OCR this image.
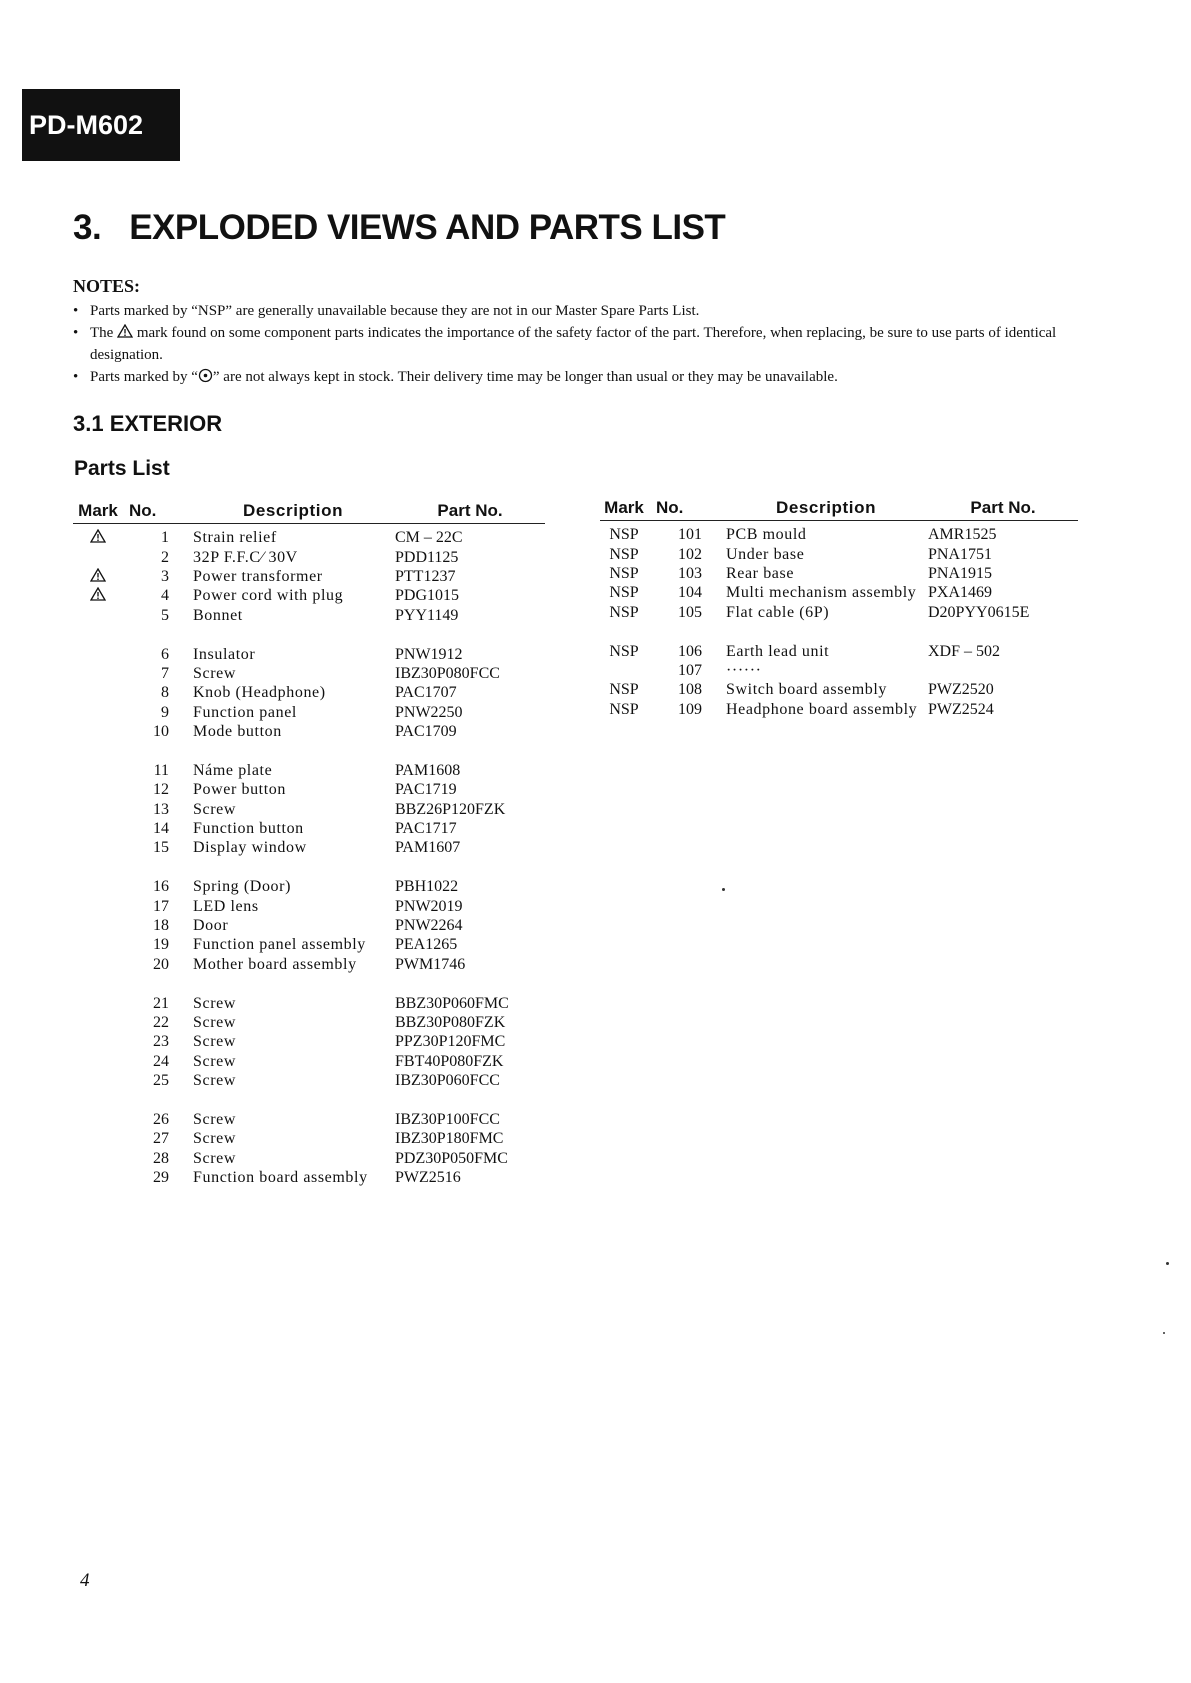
PD-M602
3. EXPLODED VIEWS AND PARTS LIST
NOTES:
• Parts marked by “NSP” are generally unavailable because they are not in our Master Spare Parts List.
• The mark found on some component parts indicates the importance of the safety factor of the part. Therefore, when replacing, be sure to use parts of identical designation.
• Parts marked by “ ” are not always kept in stock. Their delivery time may be longer than usual or they may be unavailable.
3.1 EXTERIOR
Parts List
Mark	No.	Description	Part No.
	1	Strain relief	CM – 22C
	2	32P F.F.C∕ 30V	PDD1125
	3	Power transformer	PTT1237
	4	Power cord with plug	PDG1015
	5	Bonnet	PYY1149

	6	Insulator	PNW1912
	7	Screw	IBZ30P080FCC
	8	Knob (Headphone)	PAC1707
	9	Function panel	PNW2250
	10	Mode button	PAC1709

	11	Náme plate	PAM1608
	12	Power button	PAC1719
	13	Screw	BBZ26P120FZK
	14	Function button	PAC1717
	15	Display window	PAM1607

	16	Spring (Door)	PBH1022
	17	LED lens	PNW2019
	18	Door	PNW2264
	19	Function panel assembly	PEA1265
	20	Mother board assembly	PWM1746

	21	Screw	BBZ30P060FMC
	22	Screw	BBZ30P080FZK
	23	Screw	PPZ30P120FMC
	24	Screw	FBT40P080FZK
	25	Screw	IBZ30P060FCC

	26	Screw	IBZ30P100FCC
	27	Screw	IBZ30P180FMC
	28	Screw	PDZ30P050FMC
	29	Function board assembly	PWZ2516
Mark	No.	Description	Part No.
NSP	101	PCB mould	AMR1525
NSP	102	Under base	PNA1751
NSP	103	Rear base	PNA1915
NSP	104	Multi mechanism assembly	PXA1469
NSP	105	Flat cable (6P)	D20PYY0615E

NSP	106	Earth lead unit	XDF – 502
	107	······	
NSP	108	Switch board assembly	PWZ2520
NSP	109	Headphone board assembly	PWZ2524
4
